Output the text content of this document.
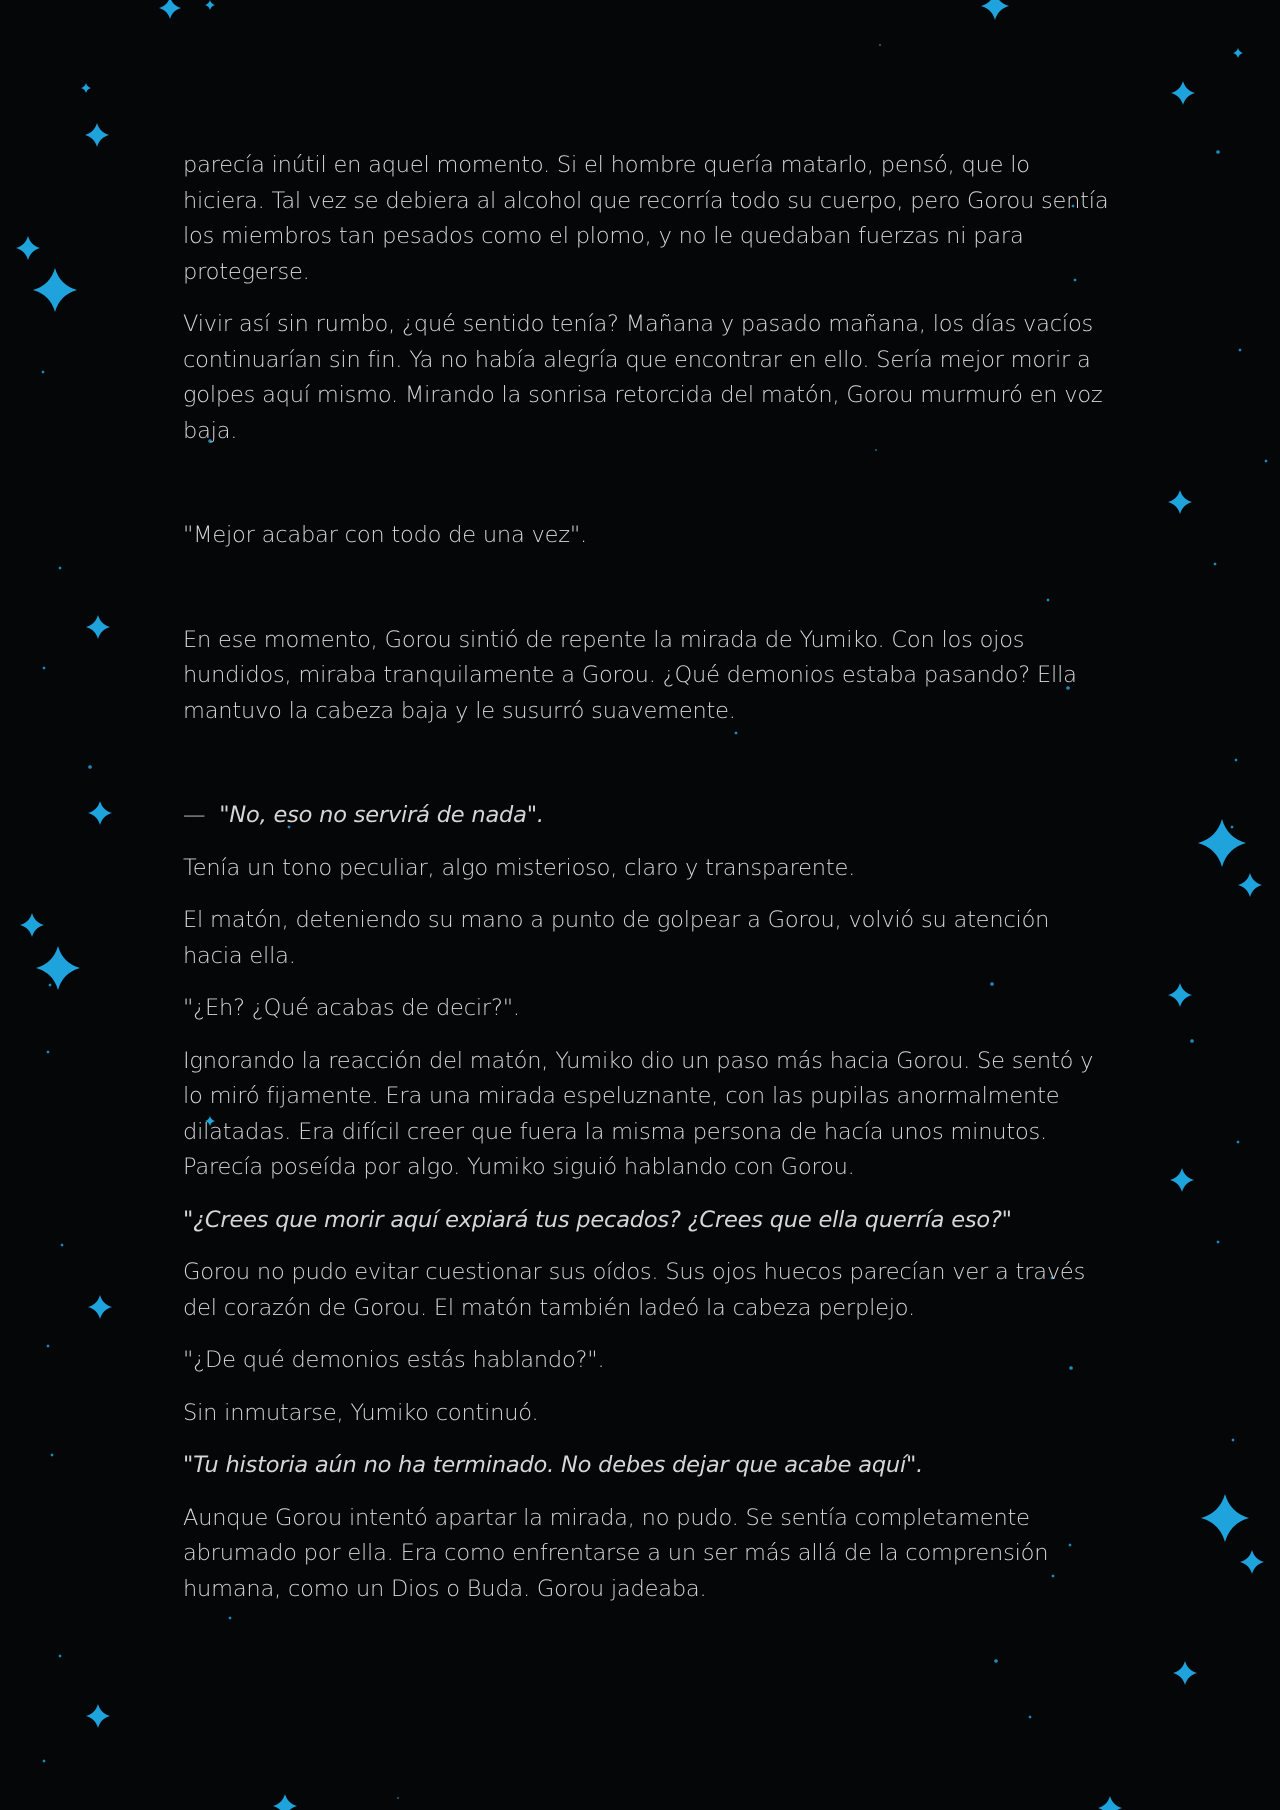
parecía inútil en aquel momento. Si el hombre quería matarlo, pensó, que lo hiciera. Tal vez se debiera al alcohol que recorría todo su cuerpo, pero Gorou sentía los miembros tan pesados como el plomo, y no le quedaban fuerzas ni para protegerse.

Vivir así sin rumbo, ¿qué sentido tenía? Mañana y pasado mañana, los días vacíos continuarían sin fin. Ya no había alegría que encontrar en ello. Sería mejor morir a golpes aquí mismo. Mirando la sonrisa retorcida del matón, Gorou murmuró en voz baja.

"Mejor acabar con todo de una vez".

En ese momento, Gorou sintió de repente la mirada de Yumiko. Con los ojos hundidos, miraba tranquilamente a Gorou. ¿Qué demonios estaba pasando? Ella mantuvo la cabeza baja y le susurró suavemente.

— "No, eso no servirá de nada".

Tenía un tono peculiar, algo misterioso, claro y transparente.

El matón, deteniendo su mano a punto de golpear a Gorou, volvió su atención hacia ella.

"¿Eh? ¿Qué acabas de decir?".

Ignorando la reacción del matón, Yumiko dio un paso más hacia Gorou. Se sentó y lo miró fijamente. Era una mirada espeluznante, con las pupilas anormalmente dilatadas. Era difícil creer que fuera la misma persona de hacía unos minutos. Parecía poseída por algo. Yumiko siguió hablando con Gorou.

"¿Crees que morir aquí expiará tus pecados? ¿Crees que ella querría eso?"

Gorou no pudo evitar cuestionar sus oídos. Sus ojos huecos parecían ver a través del corazón de Gorou. El matón también ladeó la cabeza perplejo.

"¿De qué demonios estás hablando?".

Sin inmutarse, Yumiko continuó.

"Tu historia aún no ha terminado. No debes dejar que acabe aquí".

Aunque Gorou intentó apartar la mirada, no pudo. Se sentía completamente abrumado por ella. Era como enfrentarse a un ser más allá de la comprensión humana, como un Dios o Buda. Gorou jadeaba.
